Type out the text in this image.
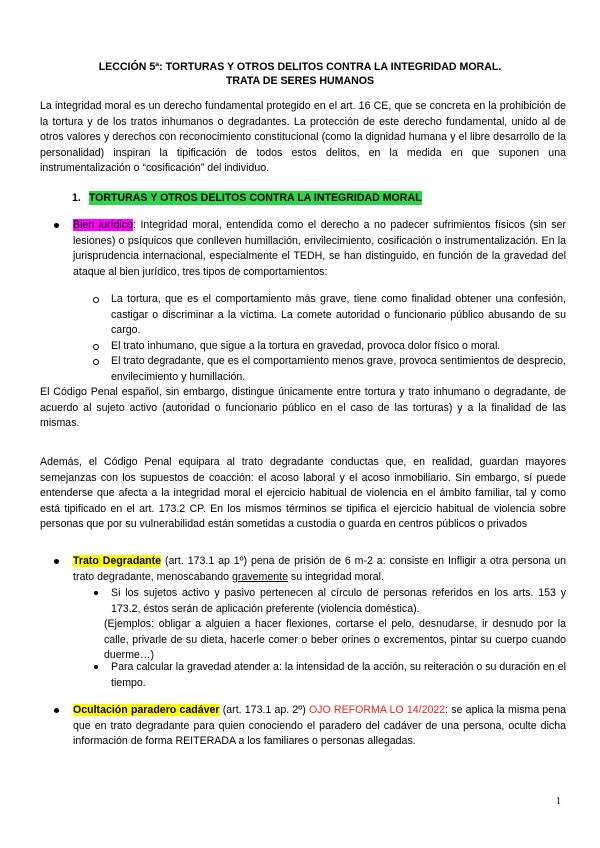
LECCIÓN 5ª: TORTURAS Y OTROS DELITOS CONTRA LA INTEGRIDAD MORAL.
TRATA DE SERES HUMANOS
La integridad moral es un derecho fundamental protegido en el art. 16 CE, que se concreta en la prohibición de la tortura y de los tratos inhumanos o degradantes. La protección de este derecho fundamental, unido al de otros valores y derechos con reconocimiento constitucional (como la dignidad humana y el libre desarrollo de la personalidad) inspiran la tipificación de todos estos delitos, en la medida en que suponen una instrumentalización o “cosificación” del individuo.
1. TORTURAS Y OTROS DELITOS CONTRA LA INTEGRIDAD MORAL
Bien jurídico: Integridad moral, entendida como el derecho a no padecer sufrimientos físicos (sin ser lesiones) o psíquicos que conlleven humillación, envilecimiento, cosificación o instrumentalización. En la jurisprudencia internacional, especialmente el TEDH, se han distinguido, en función de la gravedad del ataque al bien jurídico, tres tipos de comportamientos:
La tortura, que es el comportamiento más grave, tiene como finalidad obtener una confesión, castigar o discriminar a la víctima. La comete autoridad o funcionario público abusando de su cargo.
El trato inhumano, que sigue a la tortura en gravedad, provoca dolor físico o moral.
El trato degradante, que es el comportamiento menos grave, provoca sentimientos de desprecio, envilecimiento y humillación.
El Código Penal español, sin embargo, distingue únicamente entre tortura y trato inhumano o degradante, de acuerdo al sujeto activo (autoridad o funcionario público en el caso de las torturas) y a la finalidad de las mismas.
Además, el Código Penal equipara al trato degradante conductas que, en realidad, guardan mayores semejanzas con los supuestos de coacción: el acoso laboral y el acoso inmobiliario. Sin embargo, sí puede entenderse que afecta a la integridad moral el ejercicio habitual de violencia en el ámbito familiar, tal y como está tipificado en el art. 173.2 CP. En los mismos términos se tipifica el ejercicio habitual de violencia sobre personas que por su vulnerabilidad están sometidas a custodia o guarda en centros públicos o privados
Trato Degradante (art. 173.1 ap 1º) pena de prisión de 6 m-2 a: consiste en Infligir a otra persona un trato degradante, menoscabando gravemente su integridad moral.
Si los sujetos activo y pasivo pertenecen al círculo de personas referidos en los arts. 153 y 173.2, éstos serán de aplicación preferente (violencia doméstica).
(Ejemplos: obligar a alguien a hacer flexiones, cortarse el pelo, desnudarse, ir desnudo por la calle, privarle de su dieta, hacerle comer o beber orines o excrementos, pintar su cuerpo cuando duerme…)
Para calcular la gravedad atender a: la intensidad de la acción, su reiteración o su duración en el tiempo.
Ocultación paradero cadáver (art. 173.1 ap. 2º) OJO REFORMA LO 14/2022: se aplica la misma pena que en trato degradante para quien conociendo el paradero del cadáver de una persona, oculte dicha información de forma REITERADA a los familiares o personas allegadas.
1
